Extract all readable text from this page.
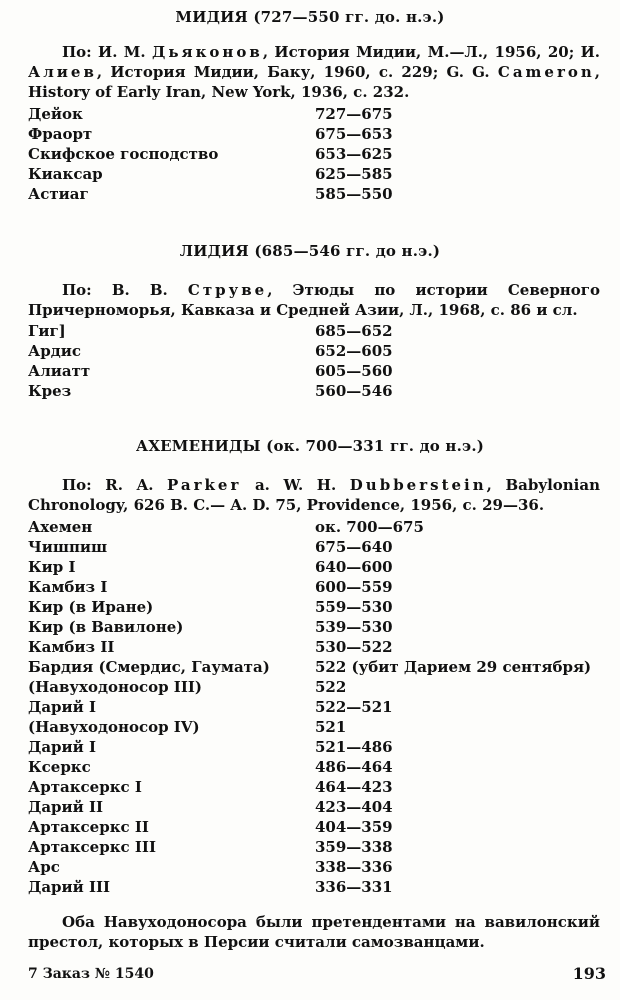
МИДИЯ (727—550 гг. до. н.э.)
По: И. М. Дьяконов, История Мидии, М.—Л., 1956, 20; И. Алиев, История Мидии, Баку, 1960, с. 229; G. G. Cameron, History of Early Iran, New York, 1936, с. 232.
Дейок	727—675
Фраорт	675—653
Скифское господство	653—625
Киаксар	625—585
Астиаг	585—550
ЛИДИЯ (685—546 гг. до н.э.)
По: В. В. Струве, Этюды по истории Северного Причерноморья, Кавказа и Средней Азии, Л., 1968, с. 86 и сл.
Гиг]	685—652
Ардис	652—605
Алиатт	605—560
Крез	560—546
АХЕМЕНИДЫ (ок. 700—331 гг. до н.э.)
По: R. A. Parker a. W. H. Dubberstein, Babylonian Chronology, 626 B. C.— A. D. 75, Providence, 1956, с. 29—36.
Ахемен	ок. 700—675
Чишпиш	675—640
Кир I	640—600
Камбиз I	600—559
Кир (в Иране)	559—530
Кир (в Вавилоне)	539—530
Камбиз II	530—522
Бардия (Смердис, Гаумата)	522 (убит Дарием 29 сентября)
(Навуходоносор III)	522
Дарий I	522—521
(Навуходоносор IV)	521
Дарий I	521—486
Ксеркс	486—464
Артаксеркс I	464—423
Дарий II	423—404
Артаксеркс II	404—359
Артаксеркс III	359—338
Арс	338—336
Дарий III	336—331
Оба Навуходоносора были претендентами на вавилонский престол, которых в Персии считали самозванцами.
7 Заказ № 1540	193
